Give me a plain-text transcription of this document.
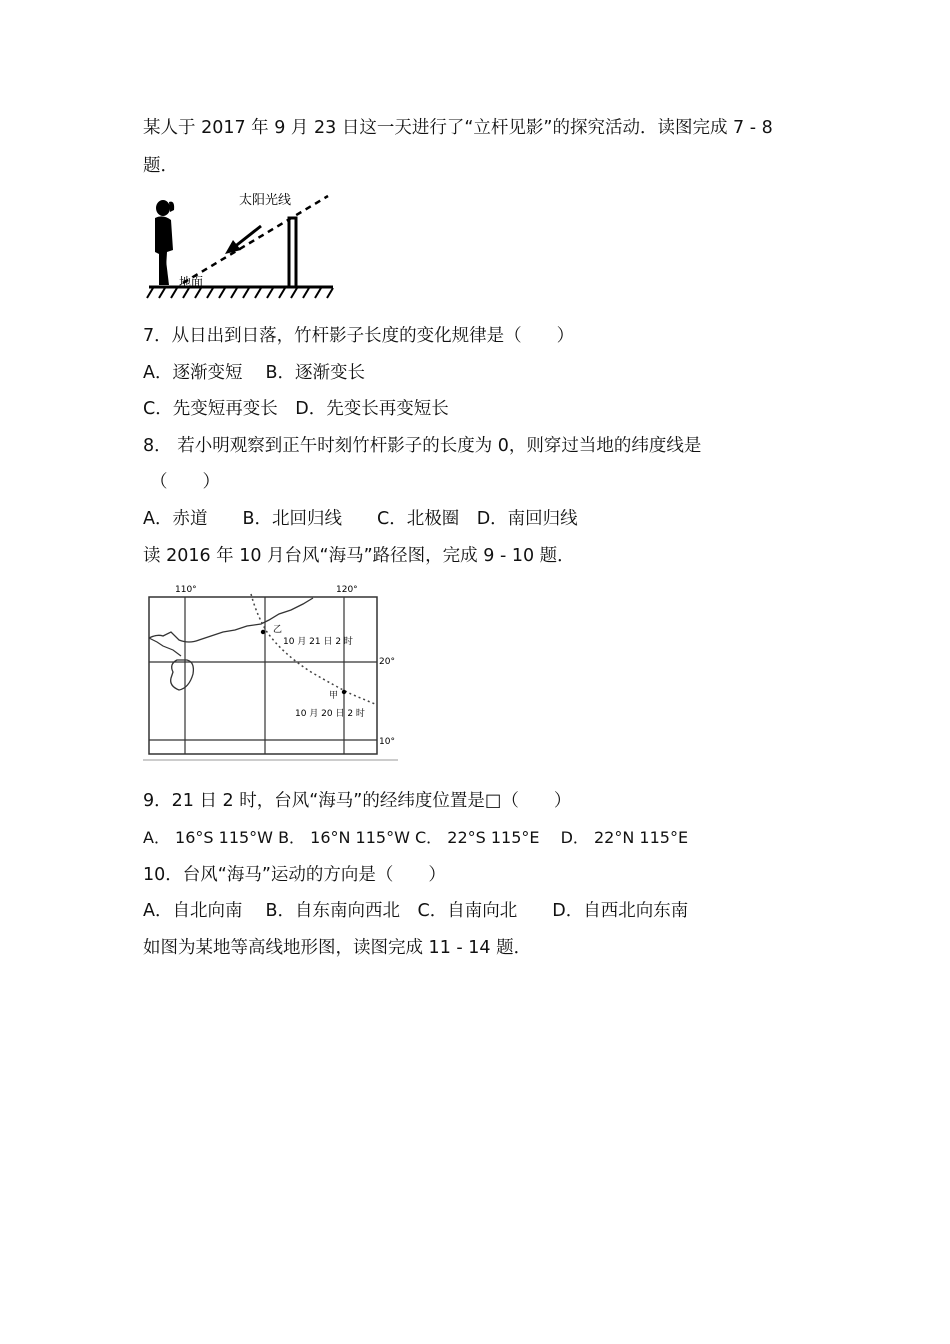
某人于 2017 年 9 月 23 日这一天进行了“立杆见影”的探究活动．读图完成 7 - 8
题．
太阳光线
地面
7．从日出到日落，竹杆影子长度的变化规律是（　　）
A．逐渐变短　 B．逐渐变长
C．先变短再变长　D．先变长再变短长
8． 若小明观察到正午时刻竹杆影子的长度为 0，则穿过当地的纬度线是
（　　）
A．赤道　　B．北回归线　　C．北极圈　D．南回归线
读 2016 年 10 月台风“海马”路径图，完成 9 - 10 题．
110°	120°
20°
10°
乙
10 月 21 日 2 时
甲
10 月 20 日 2 时
9．21 日 2 时，台风“海马”的经纬度位置是□（　　）
A． 16°S 115°W B． 16°N 115°W C． 22°S 115°E 　D． 22°N 115°E
10．台风“海马”运动的方向是（　　）
A．自北向南　 B．自东南向西北　C．自南向北　　D．自西北向东南
如图为某地等高线地形图，读图完成 11 - 14 题．
